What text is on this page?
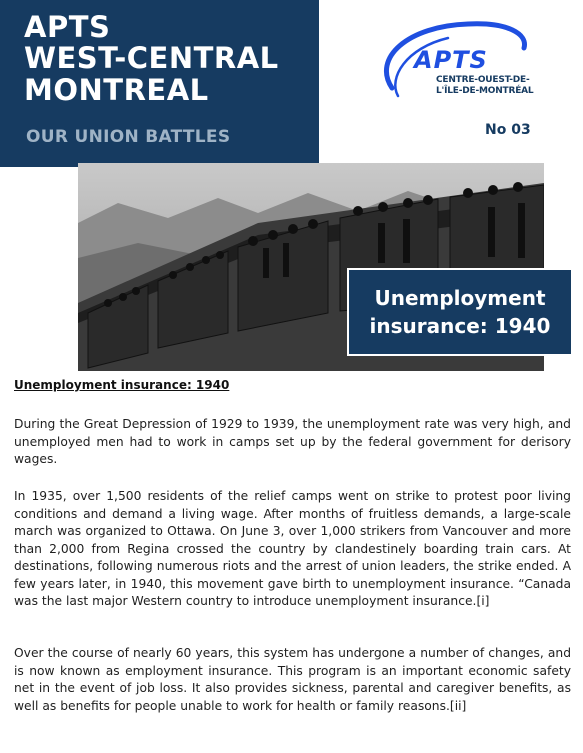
APTS
WEST-CENTRAL
MONTREAL
OUR UNION BATTLES
APTS
CENTRE-OUEST-DE-
L'ÎLE-DE-MONTRÉAL
No 03
Unemployment
insurance: 1940
Unemployment insurance: 1940

During the Great Depression of 1929 to 1939, the unemployment rate was very high, and unemployed men had to work in camps set up by the federal government for derisory wages.

In 1935, over 1,500 residents of the relief camps went on strike to protest poor living conditions and demand a living wage. After months of fruitless demands, a large-scale march was organized to Ottawa. On June 3, over 1,000 strikers from Vancouver and more than 2,000 from Regina crossed the country by clandestinely boarding train cars. At destinations, following numerous riots and the arrest of union leaders, the strike ended. A few years later, in 1940, this movement gave birth to unemployment insurance. “Canada was the last major Western country to introduce unemployment insurance.[i]

Over the course of nearly 60 years, this system has undergone a number of changes, and is now known as employment insurance. This program is an important economic safety net in the event of job loss. It also provides sickness, parental and caregiver benefits, as well as benefits for people unable to work for health or family reasons.[ii]
